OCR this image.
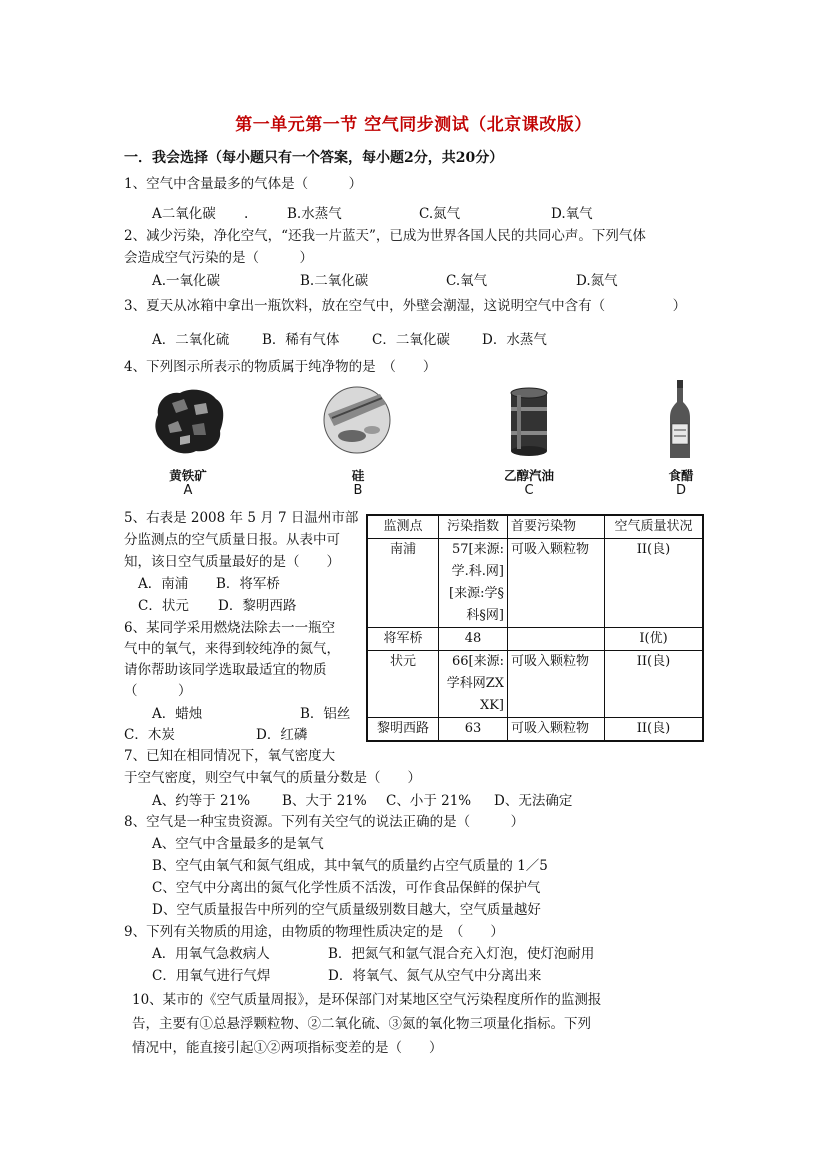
第一单元第一节 空气同步测试（北京课改版）
一．我会选择（每小题只有一个答案，每小题2分，共20分）
1、空气中含量最多的气体是（　　　）
A二氧化碳 .	B.水蒸气	C.氮气	D.氧气
2、减少污染，净化空气，“还我一片蓝天”，已成为世界各国人民的共同心声。下列气体
会造成空气污染的是（　　　）
A.一氧化碳	B.二氧化碳	C.氧气	D.氮气
3、夏天从冰箱中拿出一瓶饮料，放在空气中，外壁会潮湿，这说明空气中含有（　　　　　）
A．二氧化硫 B．稀有气体 C．二氧化碳 D．水蒸气
4、下列图示所表示的物质属于纯净物的是　（　　）
黄铁矿	硅	乙醇汽油	食醋
A	B	C	D
5、右表是 2008 年 5 月 7 日温州市部
分监测点的空气质量日报。从表中可
知，该日空气质量最好的是（　　）
A．南浦 B．将军桥
C．状元 D．黎明西路
监测点	污染指数	首要污染物	空气质量状况
南浦	57[来源:学.科.网][来源:学§科§网]	可吸入颗粒物	II(良)
将军桥	48		I(优)
状元	66[来源:学科网ZXXK]	可吸入颗粒物	II(良)
黎明西路	63	可吸入颗粒物	II(良)
6、某同学采用燃烧法除去一一瓶空
气中的氧气，来得到较纯净的氮气，
请你帮助该同学选取最适宜的物质
（　　　）
A．蜡烛	B．铝丝
C．木炭	D．红磷
7、已知在相同情况下，氧气密度大
于空气密度，则空气中氧气的质量分数是（　　）
A、约等于 21% B、大于 21% C、小于 21% D、无法确定
8、空气是一种宝贵资源。下列有关空气的说法正确的是（　　　）
A、空气中含量最多的是氧气
B、空气由氧气和氮气组成，其中氧气的质量约占空气质量的 1／5
C、空气中分离出的氮气化学性质不活泼，可作食品保鲜的保护气
D、空气质量报告中所列的空气质量级别数目越大，空气质量越好
9、下列有关物质的用途，由物质的物理性质决定的是　（　　）
A．用氧气急救病人	B．把氮气和氩气混合充入灯泡，使灯泡耐用
C．用氧气进行气焊	D．将氧气、氮气从空气中分离出来
10、某市的《空气质量周报》，是环保部门对某地区空气污染程度所作的监测报
告，主要有①总悬浮颗粒物、②二氧化硫、③氮的氧化物三项量化指标。下列
情况中，能直接引起①②两项指标变差的是（　　）
